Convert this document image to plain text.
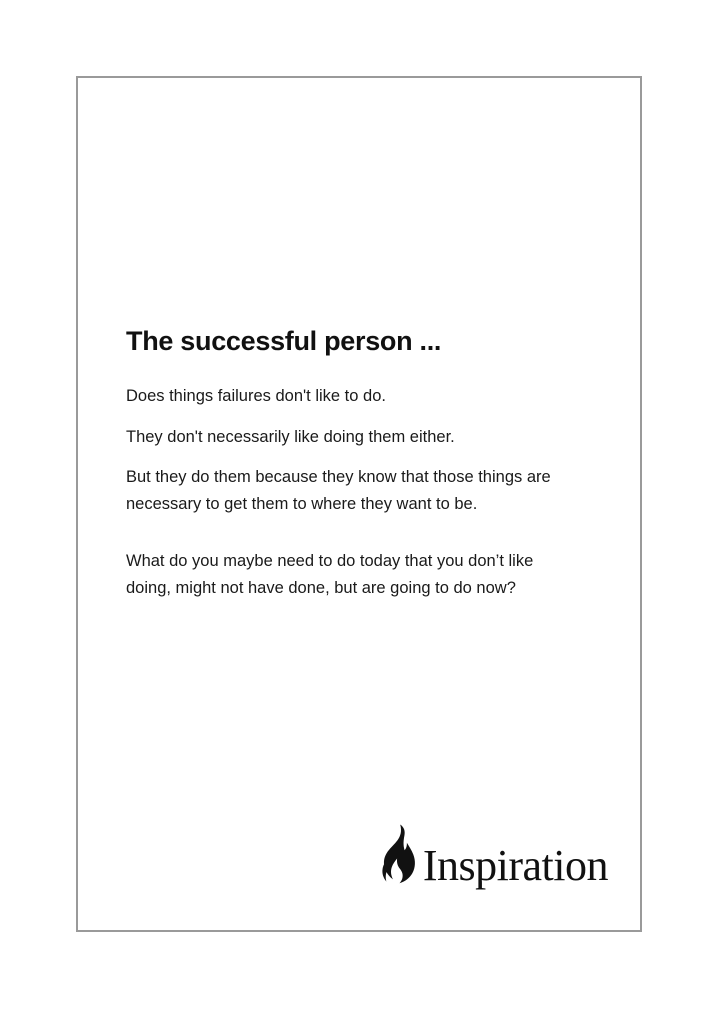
The successful person ...

Does things failures don't like to do.

They don't necessarily like doing them either.

But they do them because they know that those things are necessary to get them to where they want to be.

What do you maybe need to do today that you don’t like doing, might not have done, but are going to do now?

Inspiration
